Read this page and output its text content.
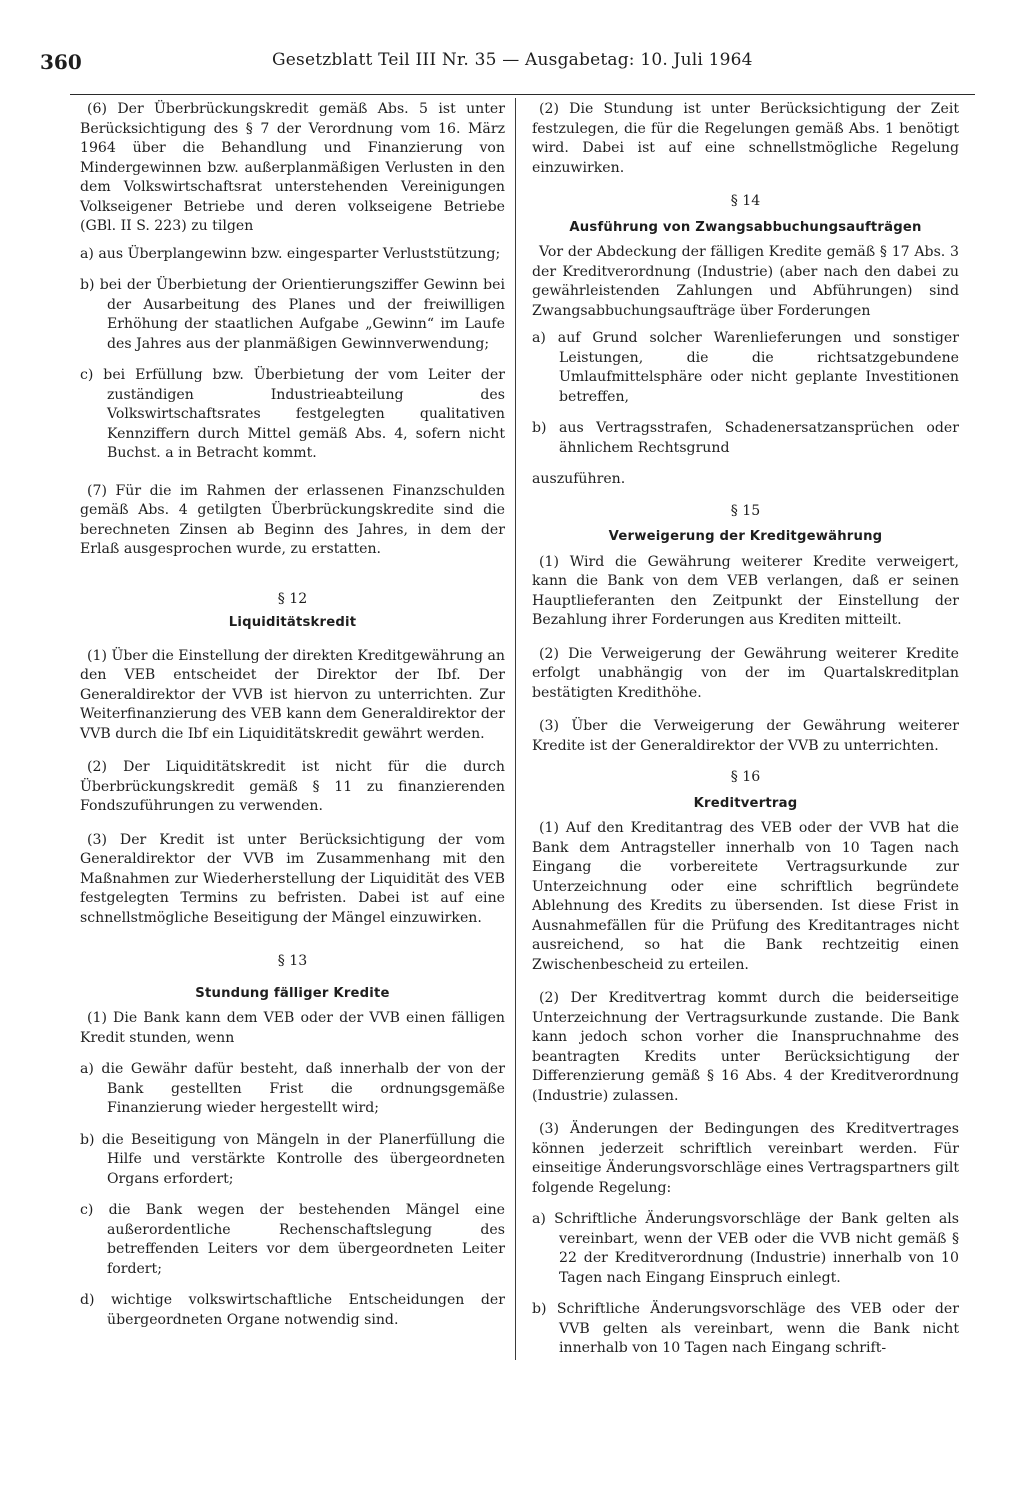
360	Gesetzblatt Teil III Nr. 35 — Ausgabetag: 10. Juli 1964

(6) Der Überbrückungskredit gemäß Abs. 5 ist unter Berücksichtigung des § 7 der Verordnung vom 16. März 1964 über die Behandlung und Finanzierung von Mindergewinnen bzw. außerplanmäßigen Verlusten in den dem Volkswirtschaftsrat unterstehenden Vereinigungen Volkseigener Betriebe und deren volkseigene Betriebe (GBl. II S. 223) zu tilgen

a) aus Überplangewinn bzw. eingesparter Verluststützung;

b) bei der Überbietung der Orientierungsziffer Gewinn bei der Ausarbeitung des Planes und der freiwilligen Erhöhung der staatlichen Aufgabe „Gewinn“ im Laufe des Jahres aus der planmäßigen Gewinnverwendung;

c) bei Erfüllung bzw. Überbietung der vom Leiter der zuständigen Industrieabteilung des Volkswirtschaftsrates festgelegten qualitativen Kennziffern durch Mittel gemäß Abs. 4, sofern nicht Buchst. a in Betracht kommt.

(7) Für die im Rahmen der erlassenen Finanzschulden gemäß Abs. 4 getilgten Überbrückungskredite sind die berechneten Zinsen ab Beginn des Jahres, in dem der Erlaß ausgesprochen wurde, zu erstatten.

§ 12

Liquiditätskredit

(1) Über die Einstellung der direkten Kreditgewährung an den VEB entscheidet der Direktor der Ibf. Der Generaldirektor der VVB ist hiervon zu unterrichten. Zur Weiterfinanzierung des VEB kann dem Generaldirektor der VVB durch die Ibf ein Liquiditätskredit gewährt werden.

(2) Der Liquiditätskredit ist nicht für die durch Überbrückungskredit gemäß § 11 zu finanzierenden Fondszuführungen zu verwenden.

(3) Der Kredit ist unter Berücksichtigung der vom Generaldirektor der VVB im Zusammenhang mit den Maßnahmen zur Wiederherstellung der Liquidität des VEB festgelegten Termins zu befristen. Dabei ist auf eine schnellstmögliche Beseitigung der Mängel einzuwirken.

§ 13

Stundung fälliger Kredite

(1) Die Bank kann dem VEB oder der VVB einen fälligen Kredit stunden, wenn

a) die Gewähr dafür besteht, daß innerhalb der von der Bank gestellten Frist die ordnungsgemäße Finanzierung wieder hergestellt wird;

b) die Beseitigung von Mängeln in der Planerfüllung die Hilfe und verstärkte Kontrolle des übergeordneten Organs erfordert;

c) die Bank wegen der bestehenden Mängel eine außerordentliche Rechenschaftslegung des betreffenden Leiters vor dem übergeordneten Leiter fordert;

d) wichtige volkswirtschaftliche Entscheidungen der übergeordneten Organe notwendig sind.

(2) Die Stundung ist unter Berücksichtigung der Zeit festzulegen, die für die Regelungen gemäß Abs. 1 benötigt wird. Dabei ist auf eine schnellstmögliche Regelung einzuwirken.

§ 14

Ausführung von Zwangsabbuchungsaufträgen

Vor der Abdeckung der fälligen Kredite gemäß § 17 Abs. 3 der Kreditverordnung (Industrie) (aber nach den dabei zu gewährleistenden Zahlungen und Abführungen) sind Zwangsabbuchungsaufträge über Forderungen

a) auf Grund solcher Warenlieferungen und sonstiger Leistungen, die die richtsatzgebundene Umlaufmittelsphäre oder nicht geplante Investitionen betreffen,

b) aus Vertragsstrafen, Schadenersatzansprüchen oder ähnlichem Rechtsgrund

auszuführen.

§ 15

Verweigerung der Kreditgewährung

(1) Wird die Gewährung weiterer Kredite verweigert, kann die Bank von dem VEB verlangen, daß er seinen Hauptlieferanten den Zeitpunkt der Einstellung der Bezahlung ihrer Forderungen aus Krediten mitteilt.

(2) Die Verweigerung der Gewährung weiterer Kredite erfolgt unabhängig von der im Quartalskreditplan bestätigten Kredithöhe.

(3) Über die Verweigerung der Gewährung weiterer Kredite ist der Generaldirektor der VVB zu unterrichten.

§ 16

Kreditvertrag

(1) Auf den Kreditantrag des VEB oder der VVB hat die Bank dem Antragsteller innerhalb von 10 Tagen nach Eingang die vorbereitete Vertragsurkunde zur Unterzeichnung oder eine schriftlich begründete Ablehnung des Kredits zu übersenden. Ist diese Frist in Ausnahmefällen für die Prüfung des Kreditantrages nicht ausreichend, so hat die Bank rechtzeitig einen Zwischenbescheid zu erteilen.

(2) Der Kreditvertrag kommt durch die beiderseitige Unterzeichnung der Vertragsurkunde zustande. Die Bank kann jedoch schon vorher die Inanspruchnahme des beantragten Kredits unter Berücksichtigung der Differenzierung gemäß § 16 Abs. 4 der Kreditverordnung (Industrie) zulassen.

(3) Änderungen der Bedingungen des Kreditvertrages können jederzeit schriftlich vereinbart werden. Für einseitige Änderungsvorschläge eines Vertragspartners gilt folgende Regelung:

a) Schriftliche Änderungsvorschläge der Bank gelten als vereinbart, wenn der VEB oder die VVB nicht gemäß § 22 der Kreditverordnung (Industrie) innerhalb von 10 Tagen nach Eingang Einspruch einlegt.

b) Schriftliche Änderungsvorschläge des VEB oder der VVB gelten als vereinbart, wenn die Bank nicht innerhalb von 10 Tagen nach Eingang schrift-
